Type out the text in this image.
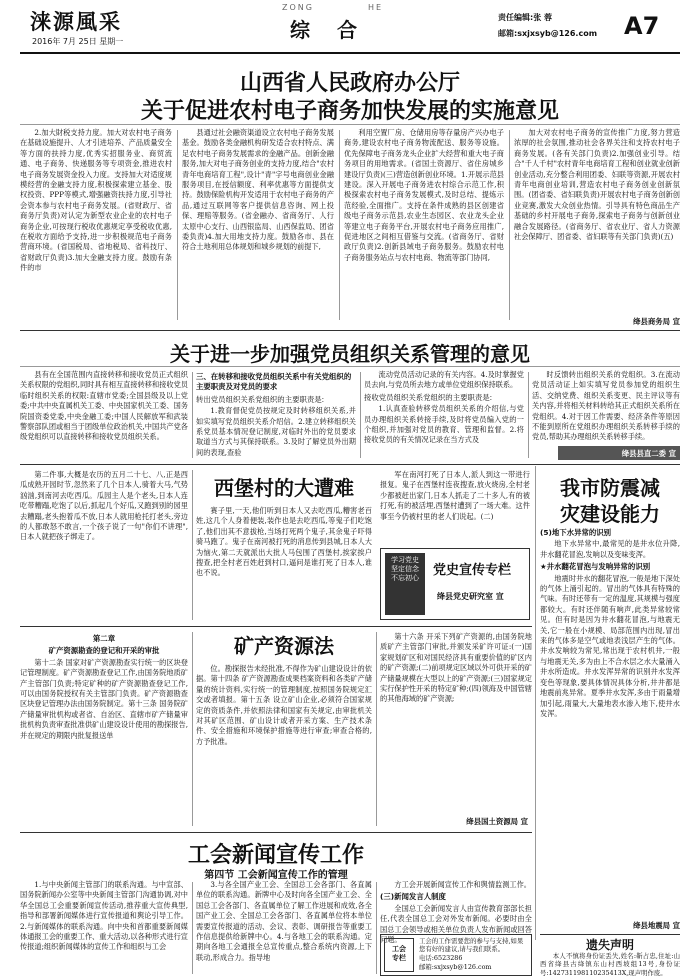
涞源風采
2016年 7月 25日 星期一
ZONG	HE
综 合
责任编辑:张 蓉
邮箱:sxjxsyb@126.com A7
山西省人民政府办公厅
关于促进农村电子商务加快发展的实施意见

2.加大財税支持力度。加大对农村电子商务在基础设施提升、人才引进培养、产品质量安全等方面的扶持力度,优秀实招服务业、商贸流通、电子商务、快递服务等专项资金,推进农村电子商务发展资金投入力度。支持加大对适度规模经营的金融支持力度,积极探索建立基金、股权投资、PPP等模式,增强融资扶持力度,引导社会资本参与农村电子商务发展。(省财政厅、省商务厅负责)对认定为新型农业企业的农村电子商务企业,可按现行税收优惠规定享受税收优惠,在税收方面给予支持,进一步积极规范电子商务营商环境。(省国税局、省地税局、省科技厅、省财政厅负责)3.加大金融支持力度。鼓励有条件的市

县通过社会融资渠道设立农村电子商务发展基金。鼓励各类金融机构研发适合农村特点、满足农村电子商务发展需求的金融产品。创新金融服务,加大对电子商务创业的支持力度,结合"农村青年电商培育工程",设计"青"字号电商创业金融服务项目,在授信额度、利率优惠等方面提供支持。鼓励保险机构开发适用于农村电子商务的产品,通过互联网等客户提供信息咨询、网上投保、理赔等服务。(省金融办、省商务厅、人行太原中心支行、山西银监局、山西保监局、团省委负责)4.加大用地支持力度。鼓励各市、县在符合土地利用总体规划和城乡规划的前提下,

利用空置厂房、仓储用房等存量房产兴办电子商务,建设农村电子商务物流配送、服务等设施。优先保障电子商务龙头企业扩大经营和重大电子商务项目的用地需求。(省国土资源厅、省住房城乡建设厅负责)(三)营造创新创业环境。1.开展示范县建设。深入开展电子商务进农村综合示范工作,积极探索农村电子商务发展模式,及时总结、提炼示范经验,全面推广。支持在条件成熟的县区创建省级电子商务示范县,农业生态园区、农业龙头企业等建立电子商务平台,开展农村电子商务应用推广,促进地区之间相互借鉴与交流。(省商务厅、省财政厅负责)2.创新县域电子商务服务。鼓励农村电子商务服务站点与农村电商、物流等部门协同,

加大对农村电子商务的宣传推广力度,努力营造浓厚的社会氛围,推动社会各界关注和支持农村电子商务发展。(各有关部门负责)2.加强创业引导。结合"千人千村"农村青年电商培育工程和创业就业创新创业活动,充分整合利用团委、妇联等资源,开展农村青年电商创业培训,营造农村电子商务创业创新氛围。(团省委、省妇联负责)开展农村电子商务创新创业竞赛,激发大众创业热情。引导具有特色商品生产基础的乡村开展电子商务,探索电子商务与创新创业融合发展路径。(省商务厅、省农业厅、省人力资源社会保障厅、团省委、省妇联等有关部门负责)(五)

绛县商务局 宣
关于进一步加强党员组织关系管理的意见

县有在全国范围内直接转移和接收党员正式组织关系权限的党组织,同时具有相互直接转移和接收党员临时组织关系的权限:直辖市党委;全国县级及以上党委;中共中央直属机关工委、中央国家机关工委、国务院国资委党委,中央金融工委;中国人民解放军和武装警察部队团或相当于团级单位政治机关,中国共产党各级党组织可以直接转移和接收党员组织关系。

三、在转移和接收党员组织关系中有关党组织的主要职责及对党员的要求

转出党员组织关系党组织的主要职责是:

1.教育督促党员按规定及时转移组织关系,并如实填写党员组织关系介绍信。2.建立转移组织关系党员基本情况登记制度,对临时外出的党员要求取道当方式与其保持联系。3.及时了解党员外出期间的表现,查验

流动党员活动记录的有关内容。4.及时掌握党员去向,与党员所去地方或单位党组织保持联系。

接收党员组织关系党组织的主要职责是:

1.认真查验转移党员组织关系的介绍信,与党员办理组织关系转接手续,及时将党员编入党的一个组织,并加强对党员的教育、管理和监督。2.将接收党员的有关情况记录在当方式及

时反馈转出组织关系的党组织。3.在流动党员活动证上如实填写党员参加党的组织生活、交纳党费、组织关系变更、民主评议等有关内容,并将相关材料转给其正式组织关系所在党组织。4.对于因工作需要、经济条件等原因不能到原所在党组织办理组织关系转移手续的党员,帮助其办理组织关系转移手续。

绛县县直二委 宣
西堡村的大遭难

第二件事,大概是农历的五月二十七、八,正是西瓜成熟开园时节,忽然来了几个日本人,骑着大马,气势汹汹,到南河去吃西瓜。瓜园主人是个老头,日本人连吃带糟蹋,吃饱了以后,抓起几个好瓜,又跑到别的园里去糟蹋,老头抱着瓜不放,日本人就用枪托打老头,旁边的人都敢怒不敢言,一个孩子说了一句"你们不讲理",日本人就把孩子绑走了。

赛子里,一天,他们听到日本人又去吃西瓜,糟害老百姓,这几个人身着便装,装作也是去吃西瓜,等鬼子们吃饱了,他们出其不意拔枪,当场打死两个鬼子,其余鬼子吓得骑马跑了。鬼子在南河被打死的消息传到县城,日本人大为恼火,第二天就派出大批人马包围了西堡村,挨家挨户搜查,把全村老百姓赶到村口,逼问是谁打死了日本人,谁也不说。

军在南河打死了日本人,派人到这一带进行报复。鬼子在西堡村连夜搜查,放火烧房,全村老少都被赶出家门,日本人抓走了二十多人,有的被打死,有的被活埋,西堡村遭到了一场大难。这件事至今仍被村里的老人们说起。(二)

学习党史 坚定信念 不忘初心	党史宣传专栏
绛县党史研究室 宣
我市防震减
灾建设能力

(5)地下水异常的识别

地下水异常中,最常见的是井水位升降,井水翻花冒泡,发响以及变味变浑。

★井水翻花冒泡与发响异常的识别

地震时井水的翻花冒泡,一般是地下深处的气体上涌引起的。冒出的气体具有特殊的气味。有时还带有一定的温度,其规模与强度都较大。有时还伴随有响声,此类异常较常见。但有时是因为井水翻花冒泡,与地震无关,它一般在小规模、局部范围内出现,冒出来的气体多是空气或地表浅层产生的气体。井水发响较为常见,常出现于农村机井,一般与地震无关,多为由上不合水层之水大量涌入井水所造成。井水发浑异常的识别井水发浑变色等现象,要具体情况具体分析,井井都是地震前兆异常。夏季井水发浑,多由于雨量增加引起,雨量大,大量地表水渗入地下,使井水发浑。

绛县地震局 宣
矿产资源法

第二章

矿产资源勘查的登记和开采的审批

第十二条 国家对矿产资源勘查实行统一的区块登记管理制度。矿产资源勘查登记工作,由国务院地质矿产主管部门负责;特定矿种的矿产资源勘查登记工作,可以由国务院授权有关主管部门负责。矿产资源勘查区块登记管理办法由国务院制定。第十三条 国务院矿产储量审批机构或者省、自治区、直辖市矿产储量审批机构负责审查批准供矿山建设设计使用的勘探报告,并在规定的期限内批复报送单

位。勘探报告未经批准,不得作为矿山建设设计的依据。第十四条 矿产资源勘查成果档案资料和各类矿产储量的统计资料,实行统一的管理制度,按照国务院规定汇交或者填报。第十五条 设立矿山企业,必须符合国家规定的资质条件,并依照法律和国家有关规定,由审批机关对其矿区范围、矿山设计或者开采方案、生产技术条件、安全措施和环境保护措施等进行审查;审查合格的,方予批准。

第十六条 开采下列矿产资源的,由国务院地质矿产主管部门审批,并颁发采矿许可证:(一)国家规划矿区和对国民经济具有重要价值的矿区内的矿产资源;(二)前项规定区域以外可供开采的矿产储量规模在大型以上的矿产资源;(三)国家规定实行保护性开采的特定矿种;(四)领海及中国管辖的其他海域的矿产资源;

绛县国土资源局 宣
工会新闻宣传工作
第四节 工会新闻宣传工作的管理

1.与中央新闻主管部门的联系沟通。与中宣部、国务院新闻办公室等中央新闻主管部门沟通协调,对中华全国总工会重要新闻宣传活动,推荐重大宣传典型,指导和部署新闻媒体进行宣传报道和舆论引导工作。2.与新闻媒体的联系沟通。向中央和首都重要新闻媒体通报工会的重要工作、重大活动,以各种形式进行宣传报道;组织新闻媒体的宣传工作和组织与工会

3.与各全国产业工会、全国总工会各部门、各直属单位的联系沟通。新牌中心及时向各全国产业工会、全国总工会各部门、各直属单位了解工作进展和成效,各全国产业工会、全国总工会各部门、各直属单位将本单位需要宣传报道的活动、会议、表彰、调研报告等重要工作信息提供给新牌中心。4.与各地工会的联系沟通。定期向各地工会通报全总宣传重点,整合系统内资源,上下联动,形成合力。指导地

方工会开展新闻宣传工作和舆情监测工作。

(三)新闻发言人制度

全国总工会新闻发言人由宣传教育部部长担任,代表全国总工会对外发布新闻。必要时由全国总工会领导或相关单位负责人发布新闻或回答问题。

工会
专栏
工会的工作需要您的参与与支持,如果您有好的建议,请与我们联系。
电话:6523286
邮箱:sxjxsyb@126.com
遗失声明

本人不慎将身份证丢失,姓名:靳占忠,住址:山西省绛县古绛镇东山村西坡组13号,身份证号:142731198110235413X,现声明作废。
